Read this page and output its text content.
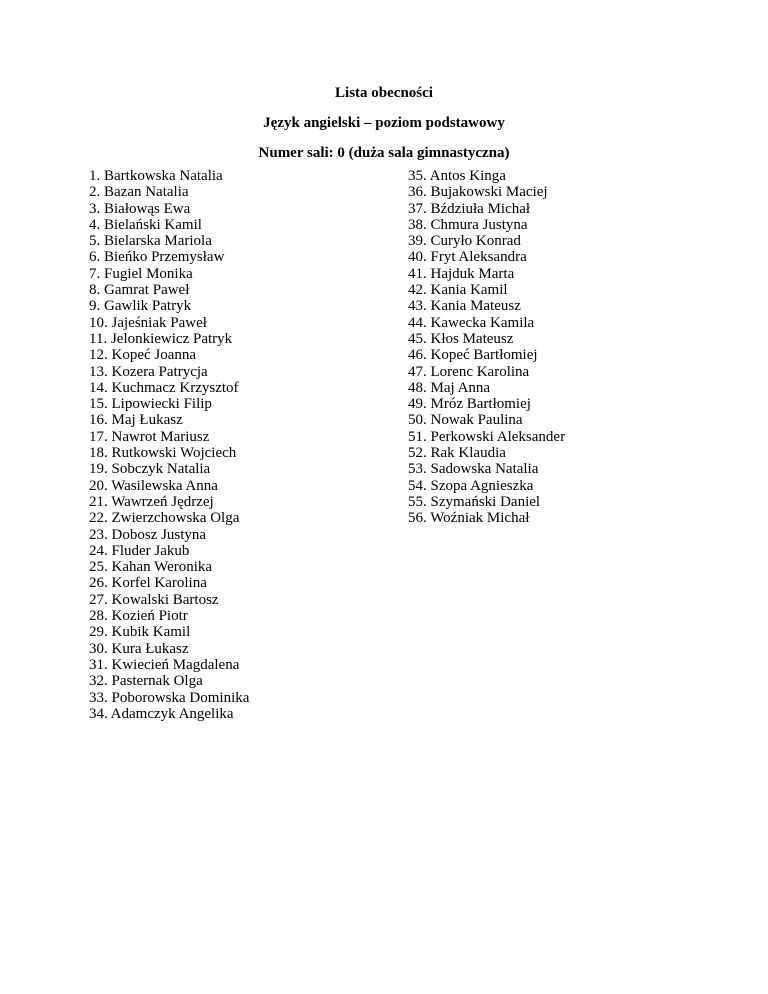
Lista obecności
Język angielski – poziom podstawowy
Numer sali: 0 (duża sala gimnastyczna)
1. Bartkowska Natalia
2. Bazan Natalia
3. Białowąs Ewa
4. Bielański Kamil
5. Bielarska Mariola
6. Bieńko Przemysław
7. Fugiel Monika
8. Gamrat Paweł
9. Gawlik Patryk
10. Jajeśniak Paweł
11. Jelonkiewicz Patryk
12. Kopeć Joanna
13. Kozera Patrycja
14. Kuchmacz Krzysztof
15. Lipowiecki Filip
16. Maj Łukasz
17. Nawrot Mariusz
18. Rutkowski Wojciech
19. Sobczyk Natalia
20. Wasilewska Anna
21. Wawrzeń Jędrzej
22. Zwierzchowska Olga
23. Dobosz Justyna
24. Fluder Jakub
25. Kahan Weronika
26. Korfel Karolina
27. Kowalski Bartosz
28. Kozień Piotr
29. Kubik Kamil
30. Kura Łukasz
31. Kwiecień Magdalena
32. Pasternak Olga
33. Poborowska Dominika
34. Adamczyk Angelika
35. Antos Kinga
36. Bujakowski Maciej
37. Bździuła Michał
38. Chmura Justyna
39. Curyło Konrad
40. Fryt Aleksandra
41. Hajduk Marta
42. Kania Kamil
43. Kania Mateusz
44. Kawecka Kamila
45. Kłos Mateusz
46. Kopeć Bartłomiej
47. Lorenc Karolina
48. Maj Anna
49. Mróz Bartłomiej
50. Nowak Paulina
51. Perkowski Aleksander
52. Rak Klaudia
53. Sadowska Natalia
54. Szopa Agnieszka
55. Szymański Daniel
56. Woźniak Michał
